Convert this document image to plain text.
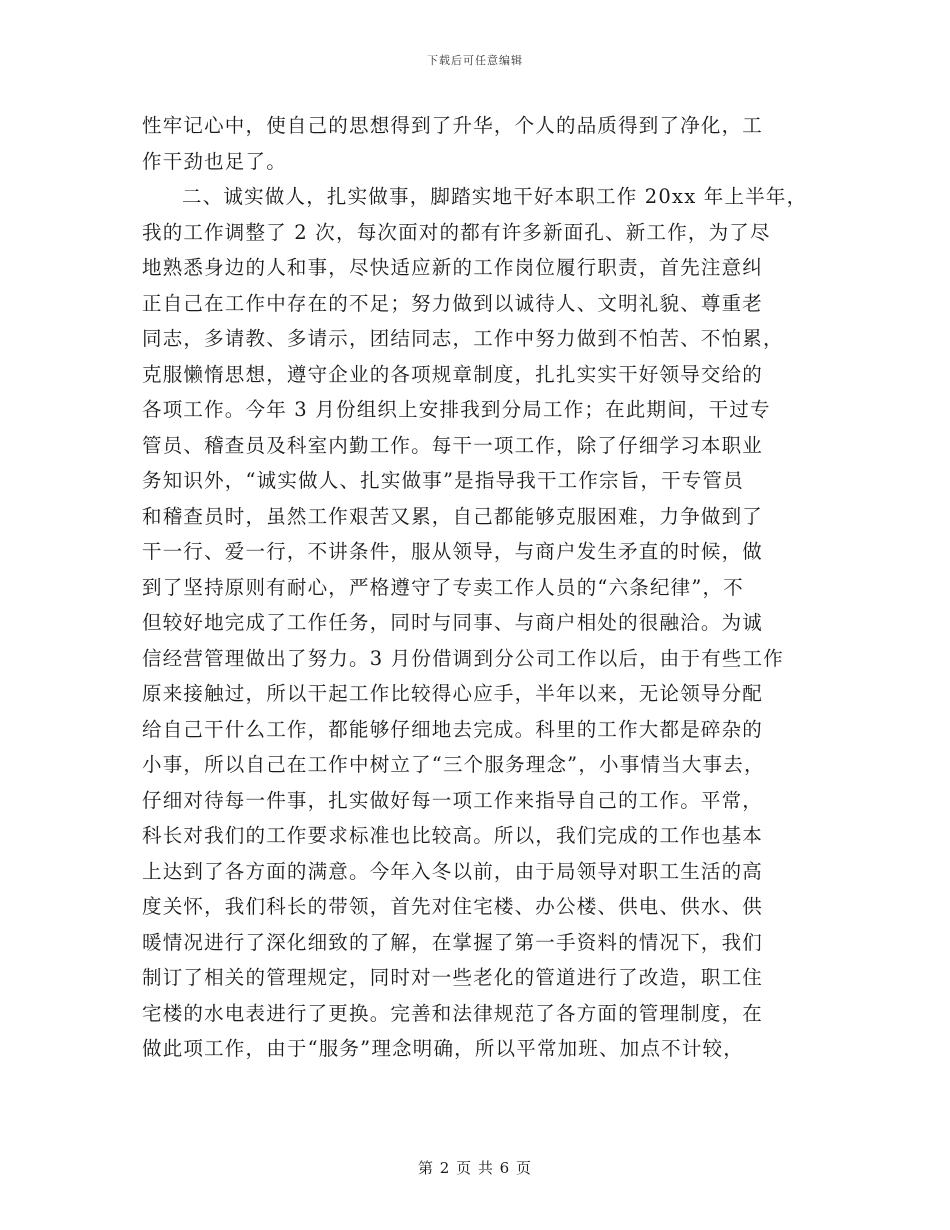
下载后可任意编辑
性牢记心中，使自己的思想得到了升华，个人的品质得到了净化，工
作干劲也足了。
二、诚实做人，扎实做事，脚踏实地干好本职工作 20xx 年上半年，
我的工作调整了 2 次，每次面对的都有许多新面孔、新工作，为了尽
地熟悉身边的人和事，尽快适应新的工作岗位履行职责，首先注意纠
正自己在工作中存在的不足；努力做到以诚待人、文明礼貌、尊重老
同志，多请教、多请示，团结同志，工作中努力做到不怕苦、不怕累，
克服懒惰思想，遵守企业的各项规章制度，扎扎实实干好领导交给的
各项工作。今年 3 月份组织上安排我到分局工作；在此期间，干过专
管员、稽查员及科室内勤工作。每干一项工作，除了仔细学习本职业
务知识外，“诚实做人、扎实做事”是指导我干工作宗旨，干专管员
和稽查员时，虽然工作艰苦又累，自己都能够克服困难，力争做到了
干一行、爱一行，不讲条件，服从领导，与商户发生矛直的时候，做
到了坚持原则有耐心，严格遵守了专卖工作人员的“六条纪律”，不
但较好地完成了工作任务，同时与同事、与商户相处的很融洽。为诚
信经营管理做出了努力。3 月份借调到分公司工作以后，由于有些工作
原来接触过，所以干起工作比较得心应手，半年以来，无论领导分配
给自己干什么工作，都能够仔细地去完成。科里的工作大都是碎杂的
小事，所以自己在工作中树立了“三个服务理念”，小事情当大事去，
仔细对待每一件事，扎实做好每一项工作来指导自己的工作。平常，
科长对我们的工作要求标准也比较高。所以，我们完成的工作也基本
上达到了各方面的满意。今年入冬以前，由于局领导对职工生活的高
度关怀，我们科长的带领，首先对住宅楼、办公楼、供电、供水、供
暖情况进行了深化细致的了解，在掌握了第一手资料的情况下，我们
制订了相关的管理规定，同时对一些老化的管道进行了改造，职工住
宅楼的水电表进行了更换。完善和法律规范了各方面的管理制度，在
做此项工作，由于“服务”理念明确，所以平常加班、加点不计较，
第 2 页 共 6 页
